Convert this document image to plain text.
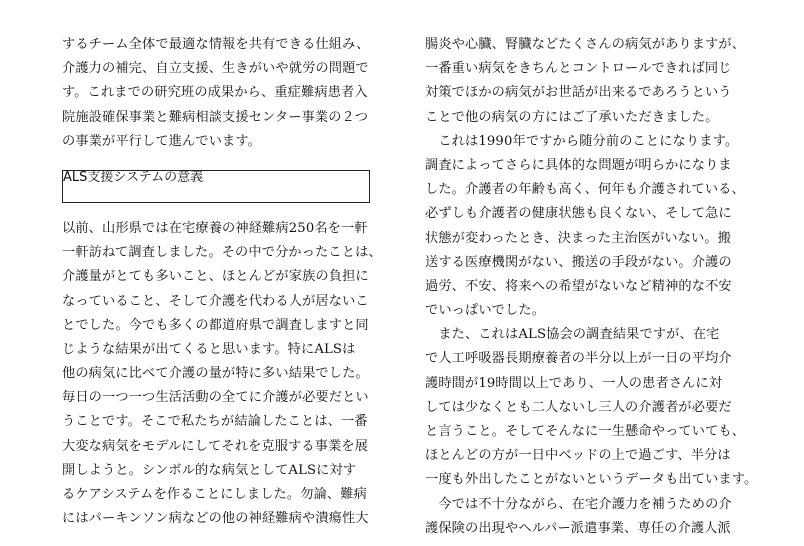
するチーム全体で最適な情報を共有できる仕組み、
介護力の補完、自立支援、生きがいや就労の問題で
す。これまでの研究班の成果から、重症難病患者入
院施設確保事業と難病相談支援センター事業の２つ
の事業が平行して進んでいます。
ALS支援システムの意義
以前、山形県では在宅療養の神経難病250名を一軒
一軒訪ねて調査しました。その中で分かったことは、
介護量がとても多いこと、ほとんどが家族の負担に
なっていること、そして介護を代わる人が居ないこ
とでした。今でも多くの都道府県で調査しますと同
じような結果が出てくると思います。特にALSは
他の病気に比べて介護の量が特に多い結果でした。
毎日の一つ一つ生活活動の全てに介護が必要だとい
うことです。そこで私たちが結論したことは、一番
大変な病気をモデルにしてそれを克服する事業を展
開しようと。シンボル的な病気としてALSに対す
るケアシステムを作ることにしました。勿論、難病
にはパーキンソン病などの他の神経難病や潰瘍性大
腸炎や心臓、腎臓などたくさんの病気がありますが、
一番重い病気をきちんとコントロールできれば同じ
対策でほかの病気がお世話が出来るであろうという
ことで他の病気の方にはご了承いただきました。
　これは1990年ですから随分前のことになります。
調査によってさらに具体的な問題が明らかになりま
した。介護者の年齢も高く、何年も介護されている、
必ずしも介護者の健康状態も良くない、そして急に
状態が変わったとき、決まった主治医がいない。搬
送する医療機関がない、搬送の手段がない。介護の
過労、不安、将来への希望がないなど精神的な不安
でいっぱいでした。
　また、これはALS協会の調査結果ですが、在宅
で人工呼吸器長期療養者の半分以上が一日の平均介
護時間が19時間以上であり、一人の患者さんに対
しては少なくとも二人ないし三人の介護者が必要だ
と言うこと。そしてそんなに一生懸命やっていても、
ほとんどの方が一日中ベッドの上で過ごす、半分は
一度も外出したことがないというデータも出ています。
　今では不十分ながら、在宅介護力を補うための介
護保険の出現やヘルパー派遣事業、専任の介護人派
